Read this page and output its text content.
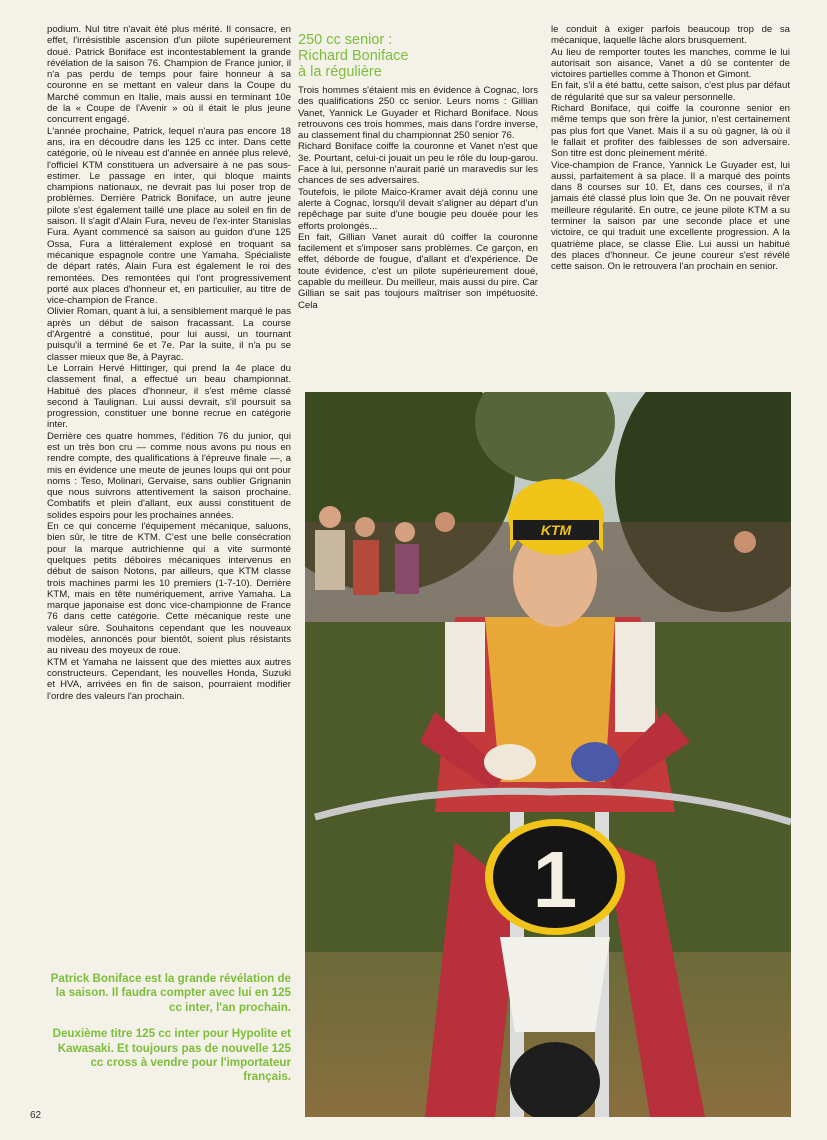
podium. Nul titre n'avait été plus mérité. Il consacre, en effet, l'irrésistible ascension d'un pilote supérieurement doué. Patrick Boniface est incontestablement la grande révélation de la saison 76. Champion de France junior, il n'a pas perdu de temps pour faire honneur à sa couronne en se mettant en valeur dans la Coupe du Marché commun en Italie, mais aussi en terminant 10e de la « Coupe de l'Avenir » où il était le plus jeune concurrent engagé.

L'année prochaine, Patrick, lequel n'aura pas encore 18 ans, ira en découdre dans les 125 cc inter. Dans cette catégorie, où le niveau est d'année en année plus relevé, l'officiel KTM constituera un adversaire à ne pas sous-estimer. Le passage en inter, qui bloque maints champions nationaux, ne devrait pas lui poser trop de problèmes. Derrière Patrick Boniface, un autre jeune pilote s'est également taillé une place au soleil en fin de saison. Il s'agit d'Alain Fura, neveu de l'ex-inter Stanislas Fura. Ayant commencé sa saison au guidon d'une 125 Ossa, Fura a littéralement explosé en troquant sa mécanique espagnole contre une Yamaha. Spécialiste de départ ratés, Alain Fura est également le roi des remontées. Des remontées qui l'ont progressivement porté aux places d'honneur et, en particulier, au titre de vice-champion de France.

Olivier Roman, quant à lui, a sensiblement marqué le pas après un début de saison fracassant. La course d'Argentré a constitué, pour lui aussi, un tournant puisqu'il a terminé 6e et 7e. Par la suite, il n'a pu se classer mieux que 8e, à Payrac.

Le Lorrain Hervé Hittinger, qui prend la 4e place du classement final, a effectué un beau championnat. Habitué des places d'honneur, il s'est même classé second à Taulignan. Lui aussi devrait, s'il poursuit sa progression, constituer une bonne recrue en catégorie inter.

Derrière ces quatre hommes, l'édition 76 du junior, qui est un très bon cru — comme nous avons pu nous en rendre compte, des qualifications à l'épreuve finale —, a mis en évidence une meute de jeunes loups qui ont pour noms : Teso, Molinari, Gervaise, sans oublier Grignanin que nous suivrons attentivement la saison prochaine. Combatifs et plein d'allant, eux aussi constituent de solides espoirs pour les prochaines années.

En ce qui concerne l'équipement mécanique, saluons, bien sûr, le titre de KTM. C'est une belle consécration pour la marque autrichienne qui a vite surmonté quelques petits déboires mécaniques intervenus en début de saison Notons, par ailleurs, que KTM classe trois machines parmi les 10 premiers (1-7-10). Derrière KTM, mais en tête numériquement, arrive Yamaha. La marque japonaise est donc vice-championne de France 76 dans cette catégorie. Cette mécanique reste une valeur sûre. Souhaitons cependant que les nouveaux modèles, annoncés pour bientôt, soient plus résistants au niveau des moyeux de roue.

KTM et Yamaha ne laissent que des miettes aux autres constructeurs. Cependant, les nouvelles Honda, Suzuki et HVA, arrivées en fin de saison, pourraient modifier l'ordre des valeurs l'an prochain.

250 cc senior :
Richard Boniface
à la régulière

Trois hommes s'étaient mis en évidence à Cognac, lors des qualifications 250 cc senior. Leurs noms : Gillian Vanet, Yannick Le Guyader et Richard Boniface. Nous retrouvons ces trois hommes, mais dans l'ordre inverse, au classement final du championnat 250 senior 76.

Richard Boniface coiffe la couronne et Vanet n'est que 3e. Pourtant, celui-ci jouait un peu le rôle du loup-garou. Face à lui, personne n'aurait parié un maravedis sur les chances de ses adversaires.

Toutefois, le pilote Maico-Kramer avait déjà connu une alerte à Cognac, lorsqu'il devait s'aligner au départ d'un repêchage par suite d'une bougie peu douée pour les efforts prolongés...

En fait, Gillian Vanet aurait dû coiffer la couronne facilement et s'imposer sans problèmes. Ce garçon, en effet, déborde de fougue, d'allant et d'expérience. De toute évidence, c'est un pilote supérieurement doué, capable du meilleur. Du meilleur, mais aussi du pire. Car Gillian se sait pas toujours maîtriser son impétuosité. Cela

le conduit à exiger parfois beaucoup trop de sa mécanique, laquelle lâche alors brusquement.

Au lieu de remporter toutes les manches, comme le lui autorisait son aisance, Vanet a dû se contenter de victoires partielles comme à Thonon et Gimont.

En fait, s'il a été battu, cette saison, c'est plus par défaut de régularité que sur sa valeur personnelle.

Richard Boniface, qui coiffe la couronne senior en même temps que son frère la junior, n'est certainement pas plus fort que Vanet. Mais il a su où gagner, là où il le fallait et profiter des faiblesses de son adversaire. Son titre est donc pleinement mérité.

Vice-champion de France, Yannick Le Guyader est, lui aussi, parfaitement à sa place. Il a marqué des points dans 8 courses sur 10. Et, dans ces courses, il n'a jamais été classé plus loin que 3e. On ne pouvait rêver meilleure régularité. En outre, ce jeune pilote KTM a su terminer la saison par une seconde place et une victoire, ce qui traduit une excellente progression. A la quatrième place, se classe Elie. Lui aussi un habitué des places d'honneur. Ce jeune coureur s'est révélé cette saison. On le retrouvera l'an prochain en senior.

Patrick Boniface est la grande révélation de la saison. Il faudra compter avec lui en 125 cc inter, l'an prochain.

Deuxième titre 125 cc inter pour Hypolite et Kawasaki. Et toujours pas de nouvelle 125 cc cross à vendre pour l'importateur français.

KTM
1
62
